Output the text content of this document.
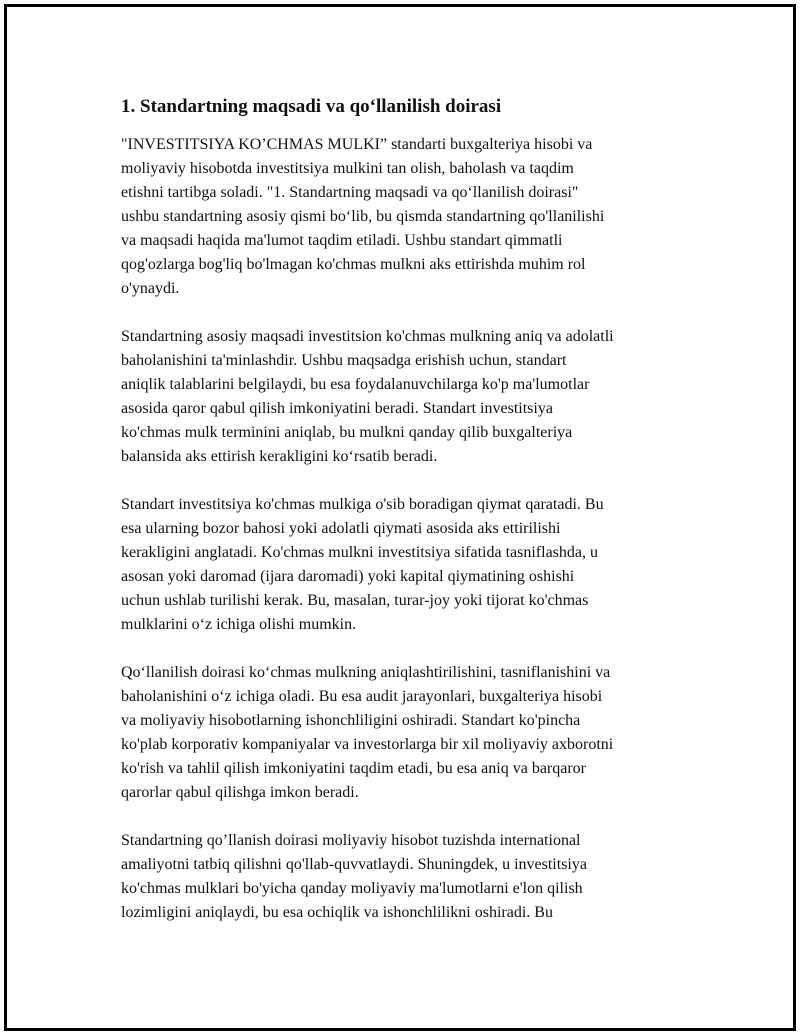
1. Standartning maqsadi va qo‘llanilish doirasi
"INVESTITSIYA KO’CHMAS MULKI” standarti buxgalteriya hisobi va
moliyaviy hisobotda investitsiya mulkini tan olish, baholash va taqdim
etishni tartibga soladi. "1. Standartning maqsadi va qo‘llanilish doirasi"
ushbu standartning asosiy qismi bo‘lib, bu qismda standartning qo'llanilishi
va maqsadi haqida ma'lumot taqdim etiladi. Ushbu standart qimmatli
qog'ozlarga bog'liq bo'lmagan ko'chmas mulkni aks ettirishda muhim rol
o'ynaydi.
Standartning asosiy maqsadi investitsion ko'chmas mulkning aniq va adolatli
baholanishini ta'minlashdir. Ushbu maqsadga erishish uchun, standart
aniqlik talablarini belgilaydi, bu esa foydalanuvchilarga ko'p ma'lumotlar
asosida qaror qabul qilish imkoniyatini beradi. Standart investitsiya
ko'chmas mulk terminini aniqlab, bu mulkni qanday qilib buxgalteriya
balansida aks ettirish kerakligini ko‘rsatib beradi.
Standart investitsiya ko'chmas mulkiga o'sib boradigan qiymat qaratadi. Bu
esa ularning bozor bahosi yoki adolatli qiymati asosida aks ettirilishi
kerakligini anglatadi. Ko'chmas mulkni investitsiya sifatida tasniflashda, u
asosan yoki daromad (ijara daromadi) yoki kapital qiymatining oshishi
uchun ushlab turilishi kerak. Bu, masalan, turar-joy yoki tijorat ko'chmas
mulklarini o‘z ichiga olishi mumkin.
Qo‘llanilish doirasi ko‘chmas mulkning aniqlashtirilishini, tasniflanishini va
baholanishini o‘z ichiga oladi. Bu esa audit jarayonlari, buxgalteriya hisobi
va moliyaviy hisobotlarning ishonchliligini oshiradi. Standart ko'pincha
ko'plab korporativ kompaniyalar va investorlarga bir xil moliyaviy axborotni
ko'rish va tahlil qilish imkoniyatini taqdim etadi, bu esa aniq va barqaror
qarorlar qabul qilishga imkon beradi.
Standartning qo’llanish doirasi moliyaviy hisobot tuzishda international
amaliyotni tatbiq qilishni qo'llab-quvvatlaydi. Shuningdek, u investitsiya
ko'chmas mulklari bo'yicha qanday moliyaviy ma'lumotlarni e'lon qilish
lozimligini aniqlaydi, bu esa ochiqlik va ishonchlilikni oshiradi. Bu
